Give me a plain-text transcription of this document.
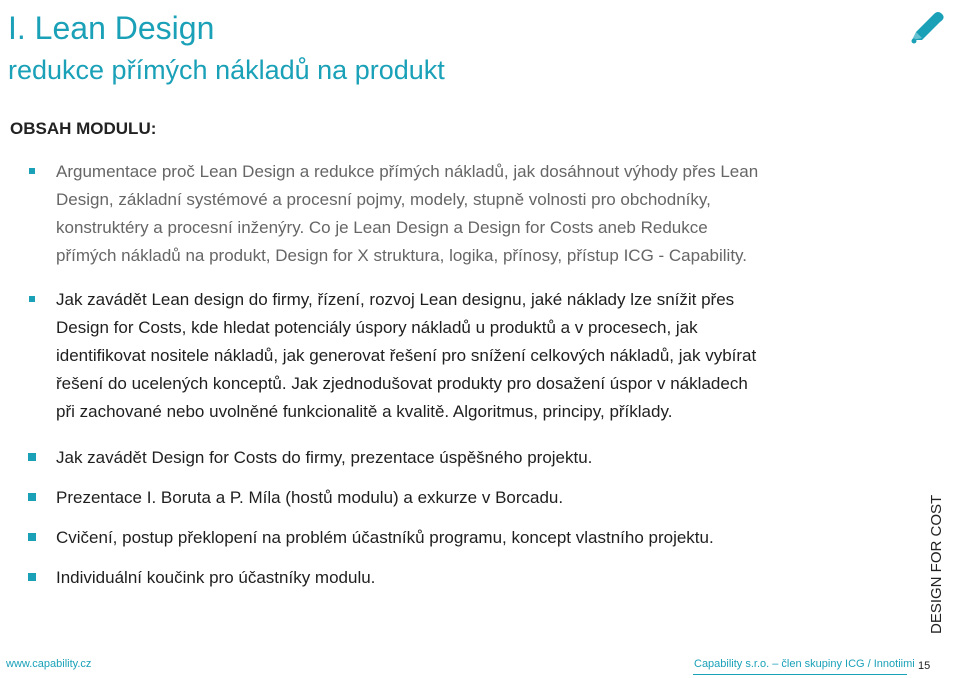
I. Lean Design
redukce přímých nákladů na produkt
OBSAH MODULU:
Argumentace proč Lean Design a redukce přímých nákladů, jak dosáhnout výhody přes Lean
Design, základní systémové a procesní pojmy, modely, stupně volnosti pro obchodníky,
konstruktéry a procesní inženýry. Co je Lean Design a Design for Costs aneb Redukce
přímých nákladů na produkt, Design for X struktura, logika, přínosy, přístup ICG - Capability.
Jak zavádět Lean design do firmy, řízení, rozvoj Lean designu, jaké náklady lze snížit přes
Design for Costs, kde hledat potenciály úspory nákladů u produktů a v procesech, jak
identifikovat nositele nákladů, jak generovat řešení pro snížení celkových nákladů, jak vybírat
řešení do ucelených konceptů. Jak zjednodušovat produkty pro dosažení úspor v nákladech
při zachované nebo uvolněné funkcionalitě a kvalitě. Algoritmus, principy, příklady.
Jak zavádět Design for Costs do firmy, prezentace úspěšného projektu.
Prezentace I. Boruta a P. Míla (hostů modulu) a exkurze v Borcadu.
Cvičení, postup překlopení na problém účastníků programu, koncept vlastního projektu.
Individuální koučink pro účastníky modulu.	DESIGN FOR COST
www.capability.cz	Capability s.r.o. – člen skupiny ICG / Innotiimi 15
